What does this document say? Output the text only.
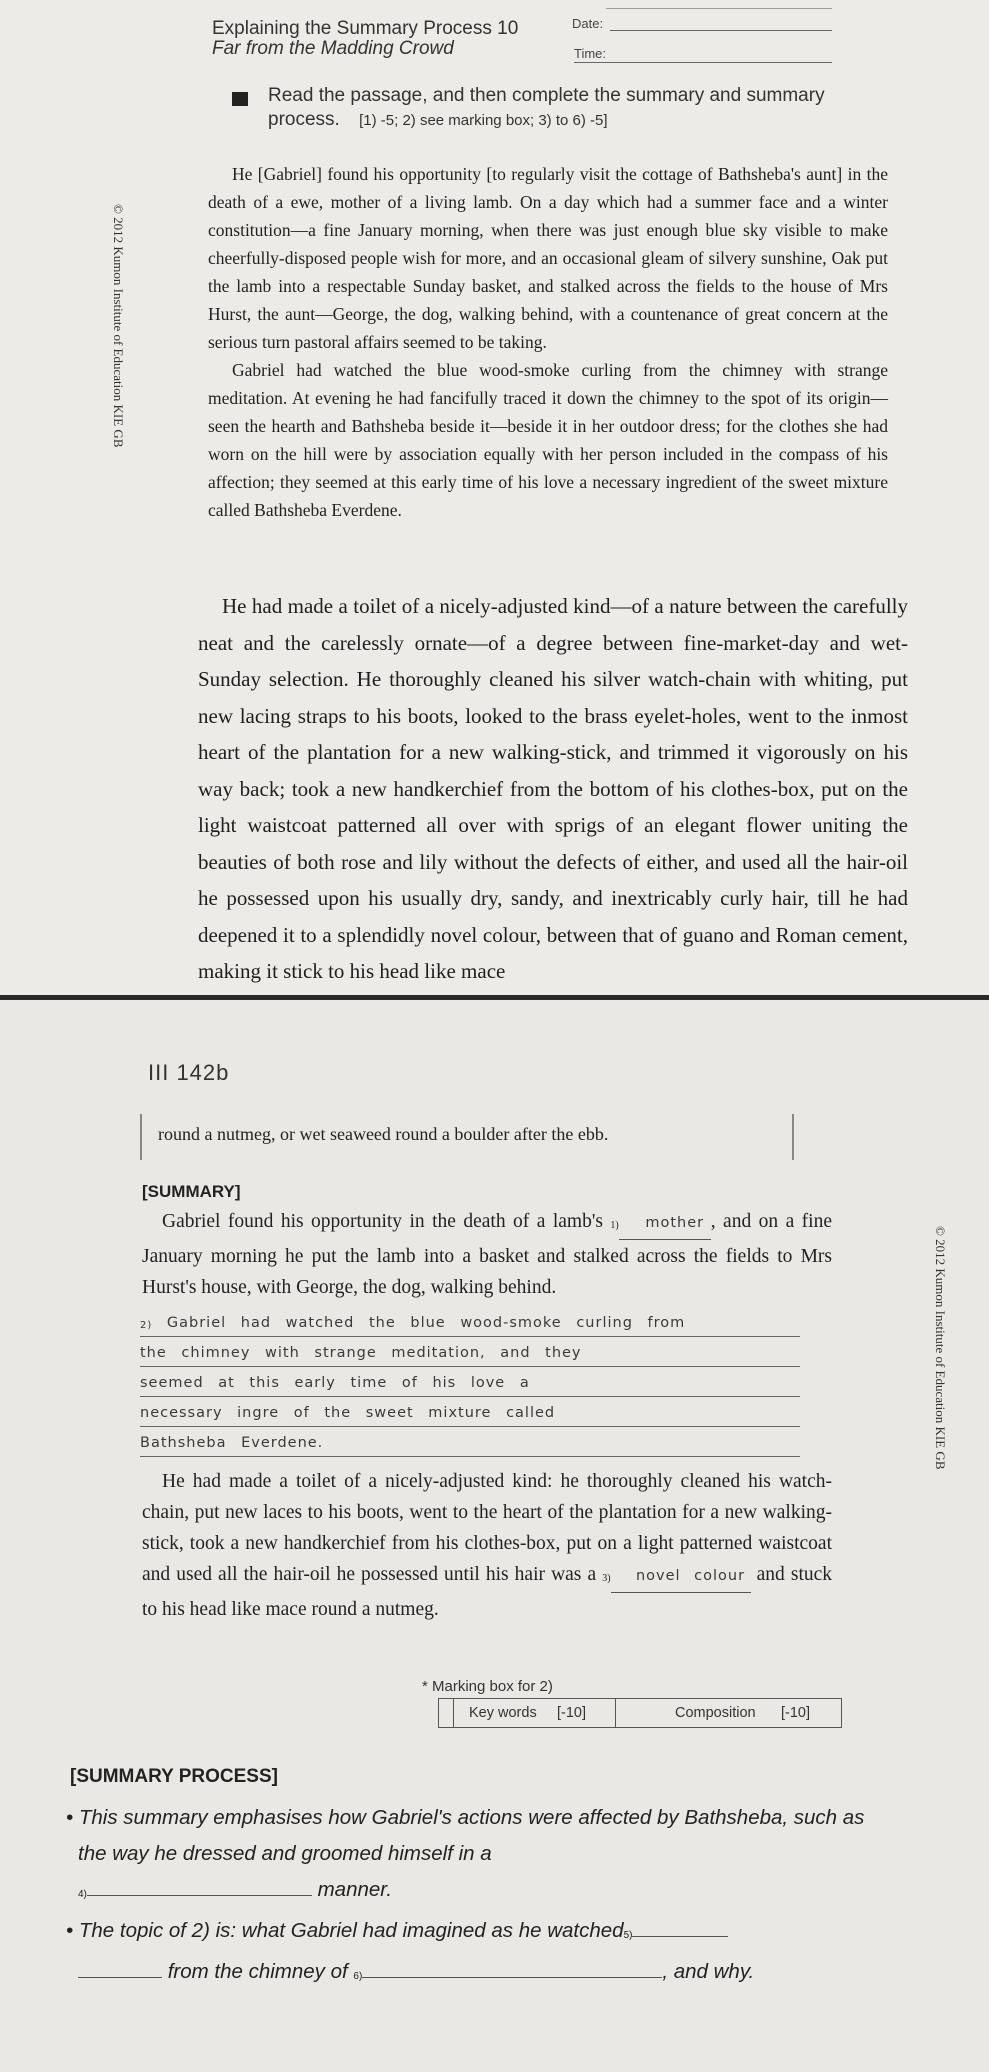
Explaining the Summary Process 10
Far from the Madding Crowd
Date:
Time:
Read the passage, and then complete the summary and summary process. [1) -5; 2) see marking box; 3) to 6) -5]

He [Gabriel] found his opportunity [to regularly visit the cottage of Bathsheba's aunt] in the death of a ewe, mother of a living lamb. On a day which had a summer face and a winter constitution—a fine January morning, when there was just enough blue sky visible to make cheerfully-disposed people wish for more, and an occasional gleam of silvery sunshine, Oak put the lamb into a respectable Sunday basket, and stalked across the fields to the house of Mrs Hurst, the aunt—George, the dog, walking behind, with a countenance of great concern at the serious turn pastoral affairs seemed to be taking.

Gabriel had watched the blue wood-smoke curling from the chimney with strange meditation. At evening he had fancifully traced it down the chimney to the spot of its origin—seen the hearth and Bathsheba beside it—beside it in her outdoor dress; for the clothes she had worn on the hill were by association equally with her person included in the compass of his affection; they seemed at this early time of his love a necessary ingredient of the sweet mixture called Bathsheba Everdene.

He had made a toilet of a nicely-adjusted kind—of a nature between the carefully neat and the carelessly ornate—of a degree between fine-market-day and wet-Sunday selection. He thoroughly cleaned his silver watch-chain with whiting, put new lacing straps to his boots, looked to the brass eyelet-holes, went to the inmost heart of the plantation for a new walking-stick, and trimmed it vigorously on his way back; took a new handkerchief from the bottom of his clothes-box, put on the light waistcoat patterned all over with sprigs of an elegant flower uniting the beauties of both rose and lily without the defects of either, and used all the hair-oil he possessed upon his usually dry, sandy, and inextricably curly hair, till he had deepened it to a splendidly novel colour, between that of guano and Roman cement, making it stick to his head like mace

© 2012 Kumon Institute of Education KIE GB
III 142b
round a nutmeg, or wet seaweed round a boulder after the ebb.
[SUMMARY]
Gabriel found his opportunity in the death of a lamb's 1) mother , and on a fine January morning he put the lamb into a basket and stalked across the fields to Mrs Hurst's house, with George, the dog, walking behind.
2) Gabriel had watched the blue wood-smoke curling from
the chimney with strange meditation, and they
seemed at this early time of his love a
necessary ingre of the sweet mixture called
Bathsheba Everdene.
He had made a toilet of a nicely-adjusted kind: he thoroughly cleaned his watch-chain, put new laces to his boots, went to the heart of the plantation for a new walking-stick, took a new handkerchief from his clothes-box, put on a light patterned waistcoat and used all the hair-oil he possessed until his hair was a 3) novel colour and stuck to his head like mace round a nutmeg.
* Marking box for 2)
Key words [-10]	Composition [-10]
[SUMMARY PROCESS]
• This summary emphasises how Gabriel's actions were affected by Bathsheba, such as the way he dressed and groomed himself in a
4)	manner.
• The topic of 2) is: what Gabriel had imagined as he watched5)
from the chimney of 6)	, and why.
© 2012 Kumon Institute of Education KIE GB
